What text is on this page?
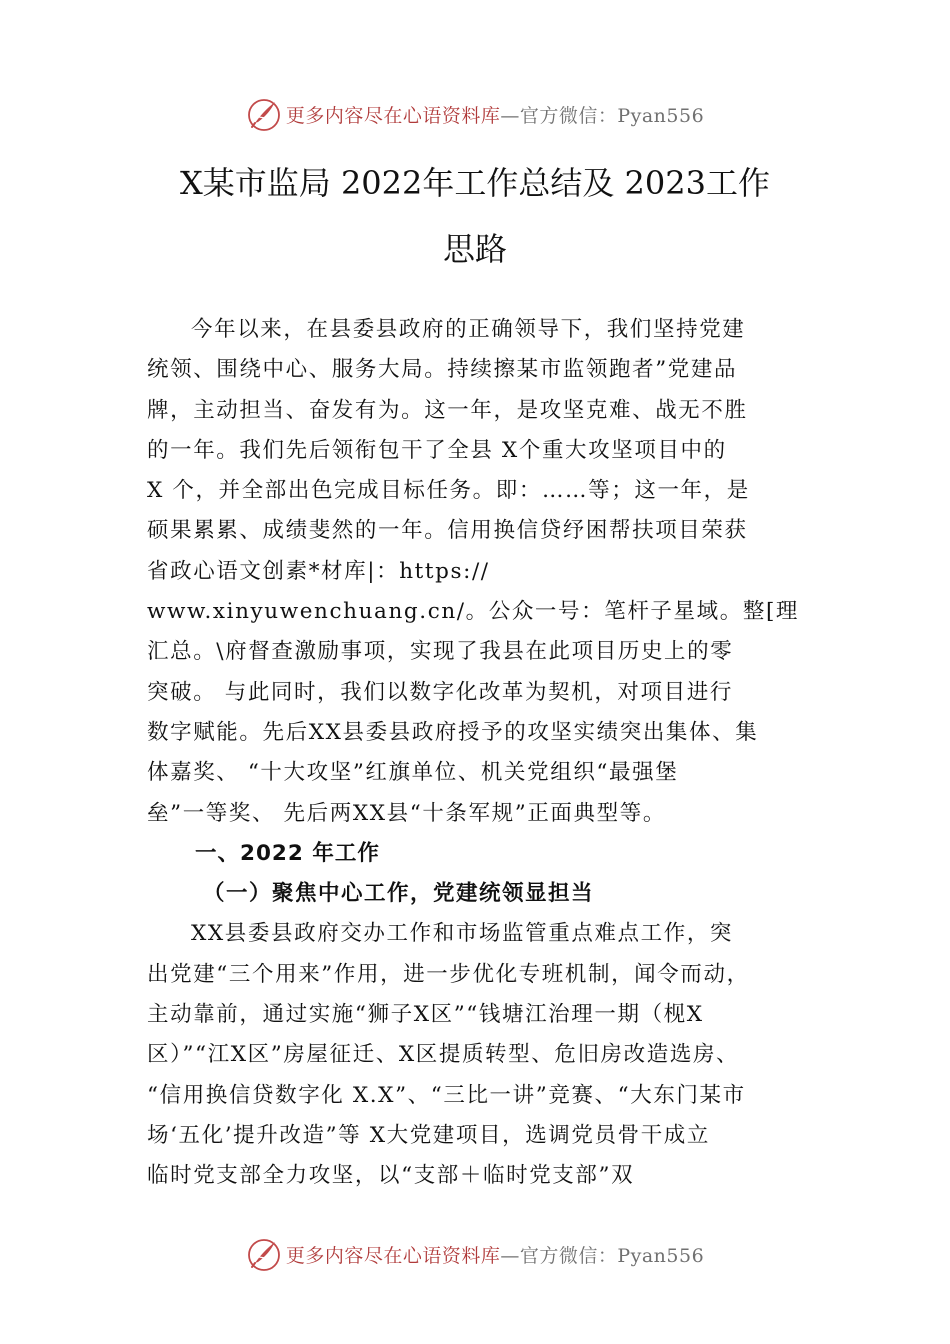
更多内容尽在心语资料库—官方微信：Pyan556
X某市监局 2022年工作总结及 2023工作
思路

今年以来，在县委县政府的正确领导下，我们坚持党建
统领、围绕中心、服务大局。持续擦某市监领跑者”党建品
牌，主动担当、奋发有为。这一年，是攻坚克难、战无不胜
的一年。我们先后领衔包干了全县 X个重大攻坚项目中的
X 个，并全部出色完成目标任务。即：……等；这一年，是
硕果累累、成绩斐然的一年。信用换信贷纾困帮扶项目荣获
省政心语文创素*材库|：https://
www.xinyuwenchuang.cn/。公众一号：笔杆子星域。整[理
汇总。\府督查激励事项，实现了我县在此项目历史上的零
突破。 与此同时，我们以数字化改革为契机，对项目进行
数字赋能。先后XX县委县政府授予的攻坚实绩突出集体、集
体嘉奖、 “十大攻坚”红旗单位、机关党组织“最强堡
垒”一等奖、 先后两XX县“十条军规”正面典型等。

一、2022 年工作

（一）聚焦中心工作，党建统领显担当

XX县委县政府交办工作和市场监管重点难点工作，突
出党建“三个用来”作用，进一步优化专班机制，闻令而动，
主动靠前，通过实施“狮子X区”“钱塘江治理一期（枧X
区）”“江X区”房屋征迁、X区提质转型、危旧房改造选房、
“信用换信贷数字化 X.X”、“三比一讲”竞赛、“大东门某市
场‘五化’提升改造”等 X大党建项目，选调党员骨干成立
临时党支部全力攻坚，以“支部＋临时党支部”双

更多内容尽在心语资料库—官方微信：Pyan556
